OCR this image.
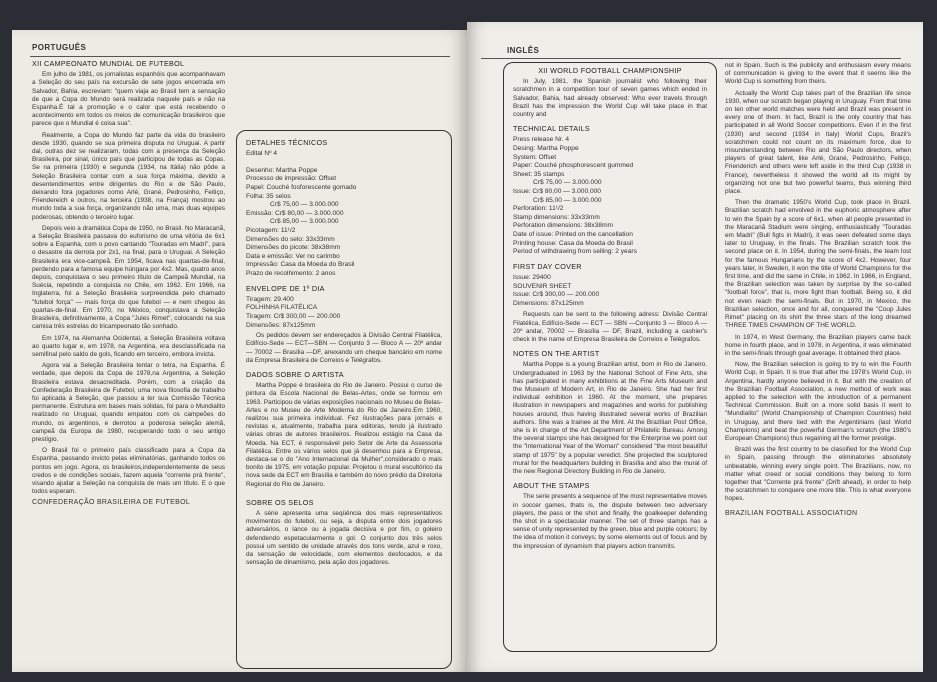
PORTUGUÊS
XII CAMPEONATO MUNDIAL DE FUTEBOL

Em julho de 1981, os jornalistas espanhóis que acompanhavam a Seleção do seu país na excursão de sete jogos encerrada em Salvador, Bahia, escreviam: "quem viaja ao Brasil tem a sensação de que a Copa do Mundo será realizada naquele país e não na Espanha.É tal a promoção e o calor que está recebendo o acontecimento em todos os meios de comunicação brasileiros que parece que o Mundial é coisa sua".

Realmente, a Copa do Mundo faz parte da vida do brasileiro desde 1930, quando se sua primeira disputa no Uruguai. A partir dal, outras dez se realizaram, todas com a presença da Seleção Brasileira, por sinal, único país que participou de todas as Copas. Se na primeira (1930) e segunda (1934, na Itália) não pôde a Seleção Brasileira contar com a sua força máxima, devido a desentendimentos entre dirigentes do Rio e de São Paulo, deixando fora jogadores como Arlé, Grané, Pedrosinho, Feitiço, Friendereich e outros, na terceira (1938, na França) mostrou ao mundo toda a sua força, organizando não uma, mas duas equipes poderosas, obtendo o terceiro lugar.

Depois veio a dramática Copa de 1950, no Brasil. No Maracanã, a Seleção Brasileira passava do euforismo de uma vitória de 6x1 sobre a Espanha, com o povo cantando "Touradas em Madri", para o desastre da derrota por 2x1, na final, para o Uruguai. A Seleção Brasileira era vice-campeã. Em 1954, ficava nas quartas-de-final, perdendo para a famosa equipe húngara por 4x2. Mas, quatro anos depois, conquistava o seu primeiro título de Campeã Mundial, na Suécia, repetindo a conquista no Chile, em 1962. Em 1966, na Inglaterra, foi a Seleção Brasileira surpreendida pelo chamado "futebol força" — mais força do que futebol — e nem chegou às quartas-de-final. Em 1970, no México, conquistava a Seleção Brasileira, definitivamente, a Copa "Jules Rimet", colocando na sua camisa três estrelas do tricampeonato tão sonhado.

Em 1974, na Alemanha Ocidental, a Seleção Brasileira voltava ao quarto lugar e, em 1978, na Argentina, era desclassificada na semifinal pelo saldo de gols, ficando em terceiro, embora invicta.

Agora vai a Seleção Brasileira tentar o tetra, na Espanha. É verdade, que depois da Copa de 1978,na Argentina, a Seleção Brasileira estava desacreditada. Porém, com a criação da Confederação Brasileira de Futebol, uma nova filosofia de trabalho foi aplicada à Seleção, que passou a ter sua Comissão Técnica permanente. Estrutura em bases mais sólidas, foi para o Mundialito realizado no Uruguai, quando empatou com os campeões do mundo, os argentinos, e derrotou a poderosa seleção alemã, campeã da Europa de 1980, recuperando todo o seu antigo prestígio.

O Brasil foi o primeiro país classificado para a Copa da Espanha, passando invicto pelas eliminatórias, ganhando todos os pontos em jogo. Agora, os brasileiros,independentemente de seus credos e de condições sociais, fazem aquela "corrente prá frente", visando ajudar a Seleção na conquista de mais um título. E o que todos esperam.

CONFEDERAÇÃO BRASILEIRA DE FUTEBOL
DETALHES TÉCNICOS
Edital Nº 4
Desenho: Martha Poppe
Processo de impressão: Offset
Papel: Couché fosforescente gomado
Folha: 35 selos
Cr$ 75,00 — 3.000.000
Emissão: Cr$ 80,00 — 3.000.000
Cr$ 85,00 — 3.000.000
Picotagem: 11¹/2
Dimensões do selo: 33x33mm
Dimensões do picote: 38x38mm
Data e emissão: Ver no carimbo
Impressão: Casa da Moeda do Brasil
Prazo de recolhimento: 2 anos
ENVELOPE DE 1º DIA
Tiragem: 29.400
FOLHINHA FILATÉLICA
Tiragem: Cr$ 300,00 — 200.000
Dimensões: 87x125mm

Os pedidos devem ser endereçados à Divisão Central Filatélica, Edifício-Sede — ECT—SBN — Conjunto 3 — Bloco A — 20º andar — 70002 — Brasília —DF, anexando um cheque bancário em nome da Empresa Brasileira de Correios e Telégrafos.

DADOS SOBRE O ARTISTA

Martha Poppe é brasileira do Rio de Janeiro. Possui o curso de pintura da Escola Nacional de Belas-Artes, onde se formou em 1963. Participou de várias exposições nacionais no Museu de Belas-Artes e no Museu de Arte Moderna do Rio de Janeiro.Em 1960, realizou sua primeira individual. Fez ilustrações para jornais e revistas e, atualmente, trabalha para editoras, tendo já ilustrado várias obras de autores brasileiros. Realizou estágio na Casa da Moeda. Na ECT, é responsável pelo Setor de Arte da Assessoria Filatélica. Entre os vários selos que já desenhou para a Empresa, destaca-se o do "Ano Internacional da Mulher",considerado o mais bonito de 1975, em votação popular. Projetou o mural escultórico da nova sede da ECT em Brasília e também do novo prédio da Diretoria Regional do Rio de Janeiro.

SOBRE OS SELOS

A série apresenta uma seqüência dos mais representativos movimentos do futebol, ou seja, a disputa entre dois jogadores adversários, o lance ou a jogada decisiva e por fim, o goleiro defendendo espetacularmente o gol. O conjunto dos três selos possui um sentido de unidade através dos tons verde, azul e roxo, da sensação de velocidade, com elementos desfocados, e da sensação de dinamismo, pela ação dos jogadores.

INGLÊS
XII WORLD FOOTBALL CHAMPIONSHIP

In July, 1981, the Spanish journalist who following their scratchmen in a competition tour of seven games which ended in Salvador, Bahia, had already observed: Who ever travels through Brazil has the impression the World Cup will take place in that country and

TECHNICAL DETAILS
Press release Nr. 4
Desing: Martha Poppe
System: Offset
Paper: Couché phosphorescent gummed
Sheet: 35 stamps
Cr$ 75,00 — 3.000.000
Issue: Cr$ 80,00 — 3.000.000
Cr$ 85,00 — 3.000.000
Perforation: 11¹/2
Stamp dimensions: 33x33mm
Perforation dimensions: 38x38mm
Date of issue: Printed on the cancellation
Printing house: Casa da Moeda do Brasil
Period of withdrawing from selling: 2 years
FIRST DAY COVER
Issue: 29400
SOUVENIR SHEET
Issue: Cr$ 300,00 — 200.000
Dimensions: 87x125mm

Requests can be sent to the following adress: Divisão Central Filatélica, Edifício-Sede — ECT — SBN —Conjunto 3 — Bloco A — 20º andar, 70002 — Brasília — DF, Brazil, including a cashier's check in the name of Empresa Brasileira de Correios e Telégrafos.

NOTES ON THE ARTIST

Martha Poppe is a young Brazilian artist, born in Rio de Janeiro. Undergraduated in 1963 by the National School of Fine Arts, she has participated in many exhibitions at the Fine Arts Museum and the Museum of Modern Art, in Rio de Janeiro. She had her first individual exhibition in 1960. At the moment, she prepares illustration in newspapers and magazines and works for publishing houses around, thus having illustrated several works of Brazilian authors. She was a trainee at the Mint. At the Brazilian Post Office, she is in charge of the Art Department of Philatelic Bureau. Among the several stamps she has designed for the Enterprise we point out the "International Year of the Woman" considered "the most beautiful stamp of 1975" by a popular veredict. She projected the sculptured mural for the headquarters building in Brasília and also the mural of the new Regional Directory Building in Rio de Janeiro.

ABOUT THE STAMPS

The serie presents a sequence of the most representative moves in soccer games, thats is, the dispute between two adversary players, the pass or the shot and finally, the goalkeeper defending the shot in a spectacular manner. The set of three stamps has a sense of unity represented by the green, blue and purple colours; by the idea of motion it conveys; by some elements out of focus and by the impression of dynamism that players action transmits.

not in Spain. Such is the publicity and enthusiasm every means of communication is giving to the event that it seems like the World Cup is something from theirs.

Actually the World Cup takes part of the Brazilian life since 1930, when our scratch began playing in Uruguay. From that time on ten other world matches were held and Brazil was present in every one of them. In fact, Brazil is the only country that has participated in all World Soccer competitions. Even if in the first (1930) and second (1934 in Italy) World Cups, Brazil's scratchmen could not count on its maximum force, due to misunderstanding between Rio and São Paulo directors, when players of great talent, like Arlé, Grané, Pedrosinho, Feitiço, Frienderich and others were left aside in the third Cup (1938 in France), nevertheless it showed the world all its might by organizing not one but two powerful teams, thus winning third place.

Then the dramatic 1950's World Cup, took place in Brazil. Brazilian scratch had envolved in the euphoric atmosphere after to win the Spain by a score of 6x1, when all people presented in the Maracanã Stadium were singing, enthusiastically "Touradas em Madri" (Bull figts in Madri), it was seen defeated some days later to Uruguay, in the finals. The Brazilian scratch took the second place on it. In 1954, during the semi-finals, the team lost for the famous Hungarians by the score of 4x2. However, four years later, in Sweden, it won the title of World Champions for the first time, and did the same in Chile, in 1962. In 1966, in England, the Brazilian selection was taken by surprise by the so-called "football force", that is, more fight than football. Being so, it did not even reach the semi-finals. But in 1970, in Mexico, the Brazilian selection, once and for all, conquered the "Coup Jules Rimet" placing on its shirt the three stars of the long dreamed THREE TIMES CHAMPION OF THE WORLD.

In 1974, in West Germany, the Brazilian players came back home in fourth place, and in 1978, in Argentina, it was eliminated in the semi-finals through goal average. It obtained third place.

Now, the Brazilian selection is going to try to win the Fourth World Cup, in Spain. It is true that after the 1978's World Cup, in Argentina, hardly anyone believed in it. But with the creation of the Brazilian Football Association, a new method of work was applied to the selection with the introduction of a permanent Technical Commission. Built on a more solid basis it went to "Mundialito" (World Championship of Champion Countries) held in Uruguay, and there tied with the Argentinians (last World Champions) and beat the powerful German's scratch (the 1980's European Champions) thus regaining all the former prestige.

Brazil was the first country to be classified for the World Cup in Spain, passing through the eliminatories absolutely unbeatable, winning every single point. The Brazilians, now, no matter what creed or social conditions they belong to form together that "Corrente prá frente" (Drift ahead), in order to help the scratchmen to conquere one more title. This is what everyone hopes.

BRAZILIAN FOOTBALL ASSOCIATION
